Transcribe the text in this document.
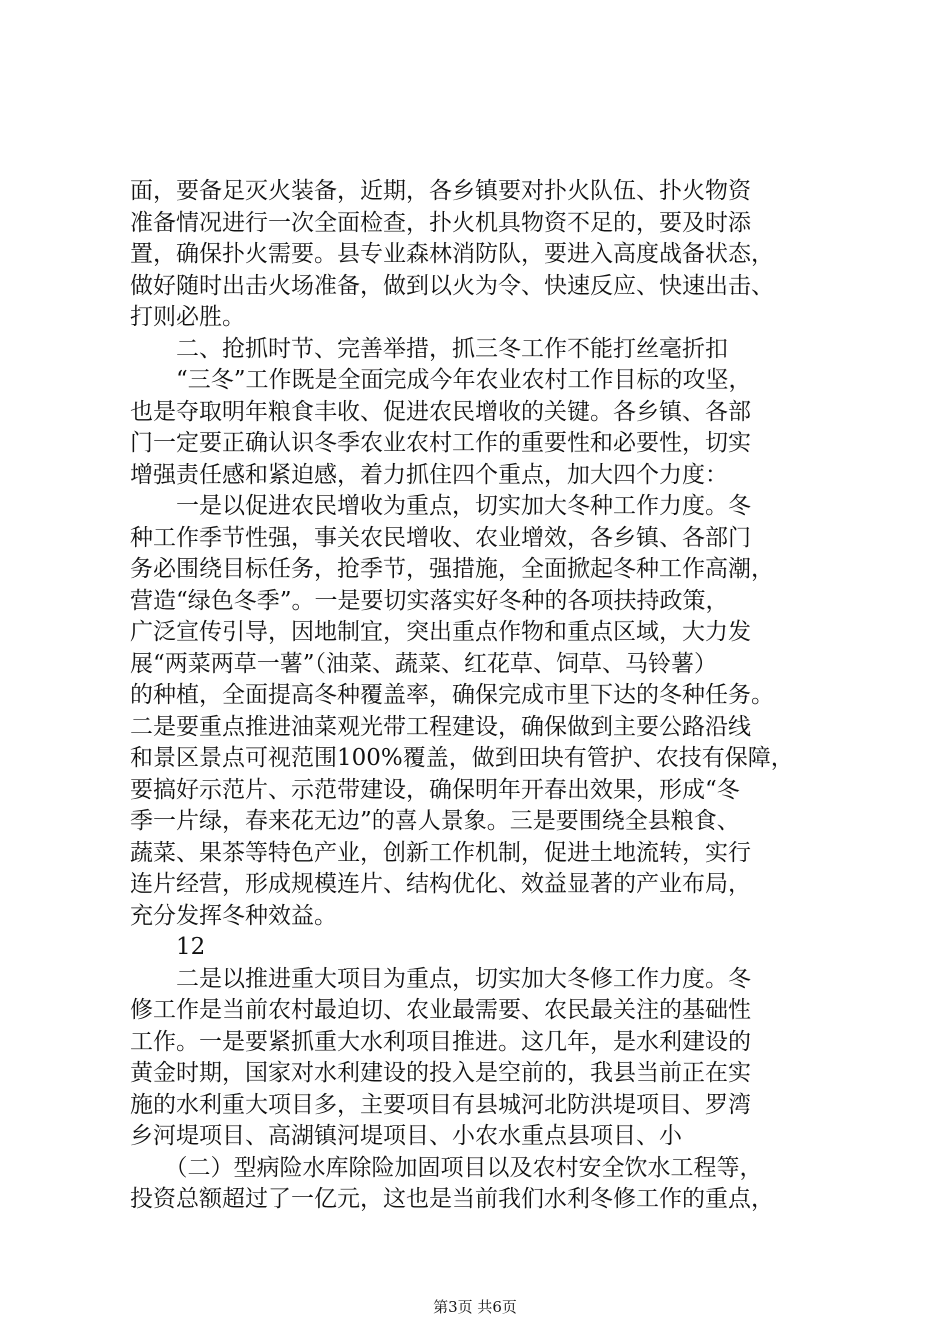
面，要备足灭火装备，近期，各乡镇要对扑火队伍、扑火物资
准备情况进行一次全面检查，扑火机具物资不足的，要及时添
置，确保扑火需要。县专业森林消防队，要进入高度战备状态，
做好随时出击火场准备，做到以火为令、快速反应、快速出击、
打则必胜。
　　二、抢抓时节、完善举措，抓三冬工作不能打丝毫折扣
　　“三冬”工作既是全面完成今年农业农村工作目标的攻坚，
也是夺取明年粮食丰收、促进农民增收的关键。各乡镇、各部
门一定要正确认识冬季农业农村工作的重要性和必要性，切实
增强责任感和紧迫感，着力抓住四个重点，加大四个力度：
　　一是以促进农民增收为重点，切实加大冬种工作力度。冬
种工作季节性强，事关农民增收、农业增效，各乡镇、各部门
务必围绕目标任务，抢季节，强措施，全面掀起冬种工作高潮，
营造“绿色冬季”。一是要切实落实好冬种的各项扶持政策，
广泛宣传引导，因地制宜，突出重点作物和重点区域，大力发
展“两菜两草一薯”（油菜、蔬菜、红花草、饲草、马铃薯）
的种植，全面提高冬种覆盖率，确保完成市里下达的冬种任务。
二是要重点推进油菜观光带工程建设，确保做到主要公路沿线
和景区景点可视范围100%覆盖，做到田块有管护、农技有保障，
要搞好示范片、示范带建设，确保明年开春出效果，形成“冬
季一片绿，春来花无边”的喜人景象。三是要围绕全县粮食、
蔬菜、果茶等特色产业，创新工作机制，促进土地流转，实行
连片经营，形成规模连片、结构优化、效益显著的产业布局，
充分发挥冬种效益。
　　12
　　二是以推进重大项目为重点，切实加大冬修工作力度。冬
修工作是当前农村最迫切、农业最需要、农民最关注的基础性
工作。一是要紧抓重大水利项目推进。这几年，是水利建设的
黄金时期，国家对水利建设的投入是空前的，我县当前正在实
施的水利重大项目多，主要项目有县城河北防洪堤项目、罗湾
乡河堤项目、高湖镇河堤项目、小农水重点县项目、小
　　（二）型病险水库除险加固项目以及农村安全饮水工程等，
投资总额超过了一亿元，这也是当前我们水利冬修工作的重点，
第3页 共6页
